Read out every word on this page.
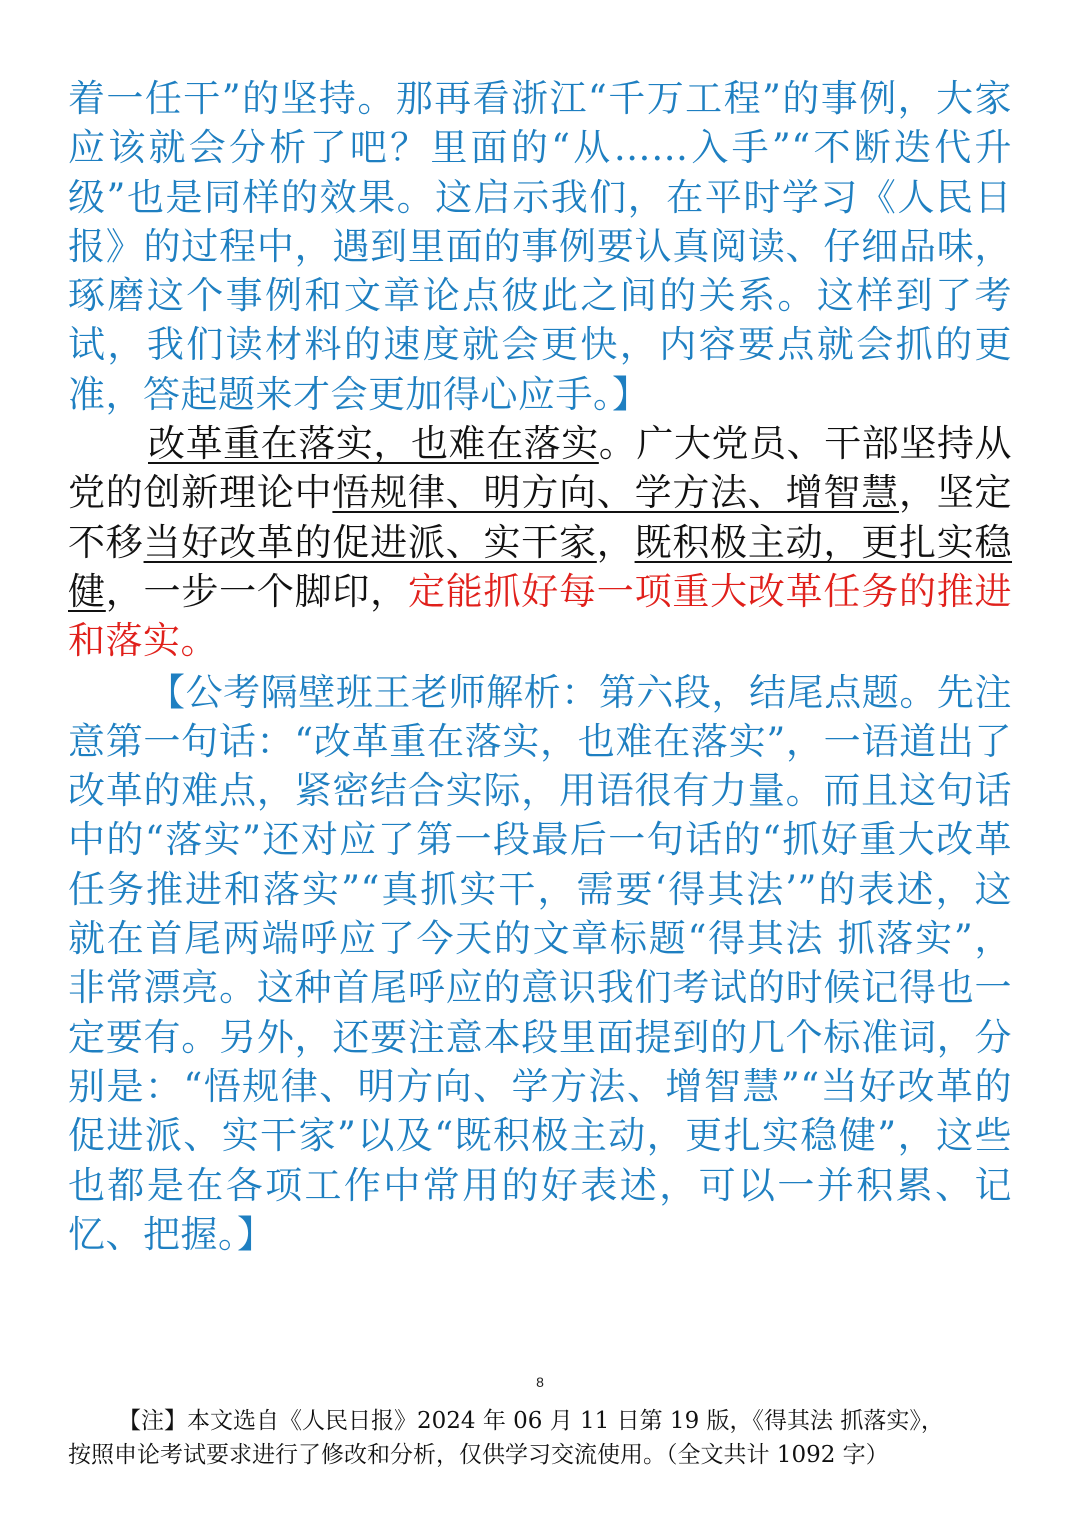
着一任干”的坚持。那再看浙江“千万工程”的事例，大家应该就会分析了吧？里面的“从……入手”“不断迭代升级”也是同样的效果。这启示我们，在平时学习《人民日报》的过程中，遇到里面的事例要认真阅读、仔细品味，琢磨这个事例和文章论点彼此之间的关系。这样到了考试，我们读材料的速度就会更快，内容要点就会抓的更准，答起题来才会更加得心应手。】

改革重在落实，也难在落实。广大党员、干部坚持从党的创新理论中悟规律、明方向、学方法、增智慧，坚定不移当好改革的促进派、实干家，既积极主动，更扎实稳健，一步一个脚印，定能抓好每一项重大改革任务的推进和落实。

【公考隔壁班王老师解析：第六段，结尾点题。先注意第一句话：“改革重在落实，也难在落实”，一语道出了改革的难点，紧密结合实际，用语很有力量。而且这句话中的“落实”还对应了第一段最后一句话的“抓好重大改革任务推进和落实”“真抓实干，需要‘得其法’”的表述，这就在首尾两端呼应了今天的文章标题“得其法 抓落实”，非常漂亮。这种首尾呼应的意识我们考试的时候记得也一定要有。另外，还要注意本段里面提到的几个标准词，分别是：“悟规律、明方向、学方法、增智慧”“当好改革的促进派、实干家”以及“既积极主动，更扎实稳健”，这些也都是在各项工作中常用的好表述，可以一并积累、记忆、把握。】

8
【注】本文选自《人民日报》2024 年 06 月 11 日第 19 版，《得其法 抓落实》，
按照申论考试要求进行了修改和分析，仅供学习交流使用。（全文共计 1092 字）
